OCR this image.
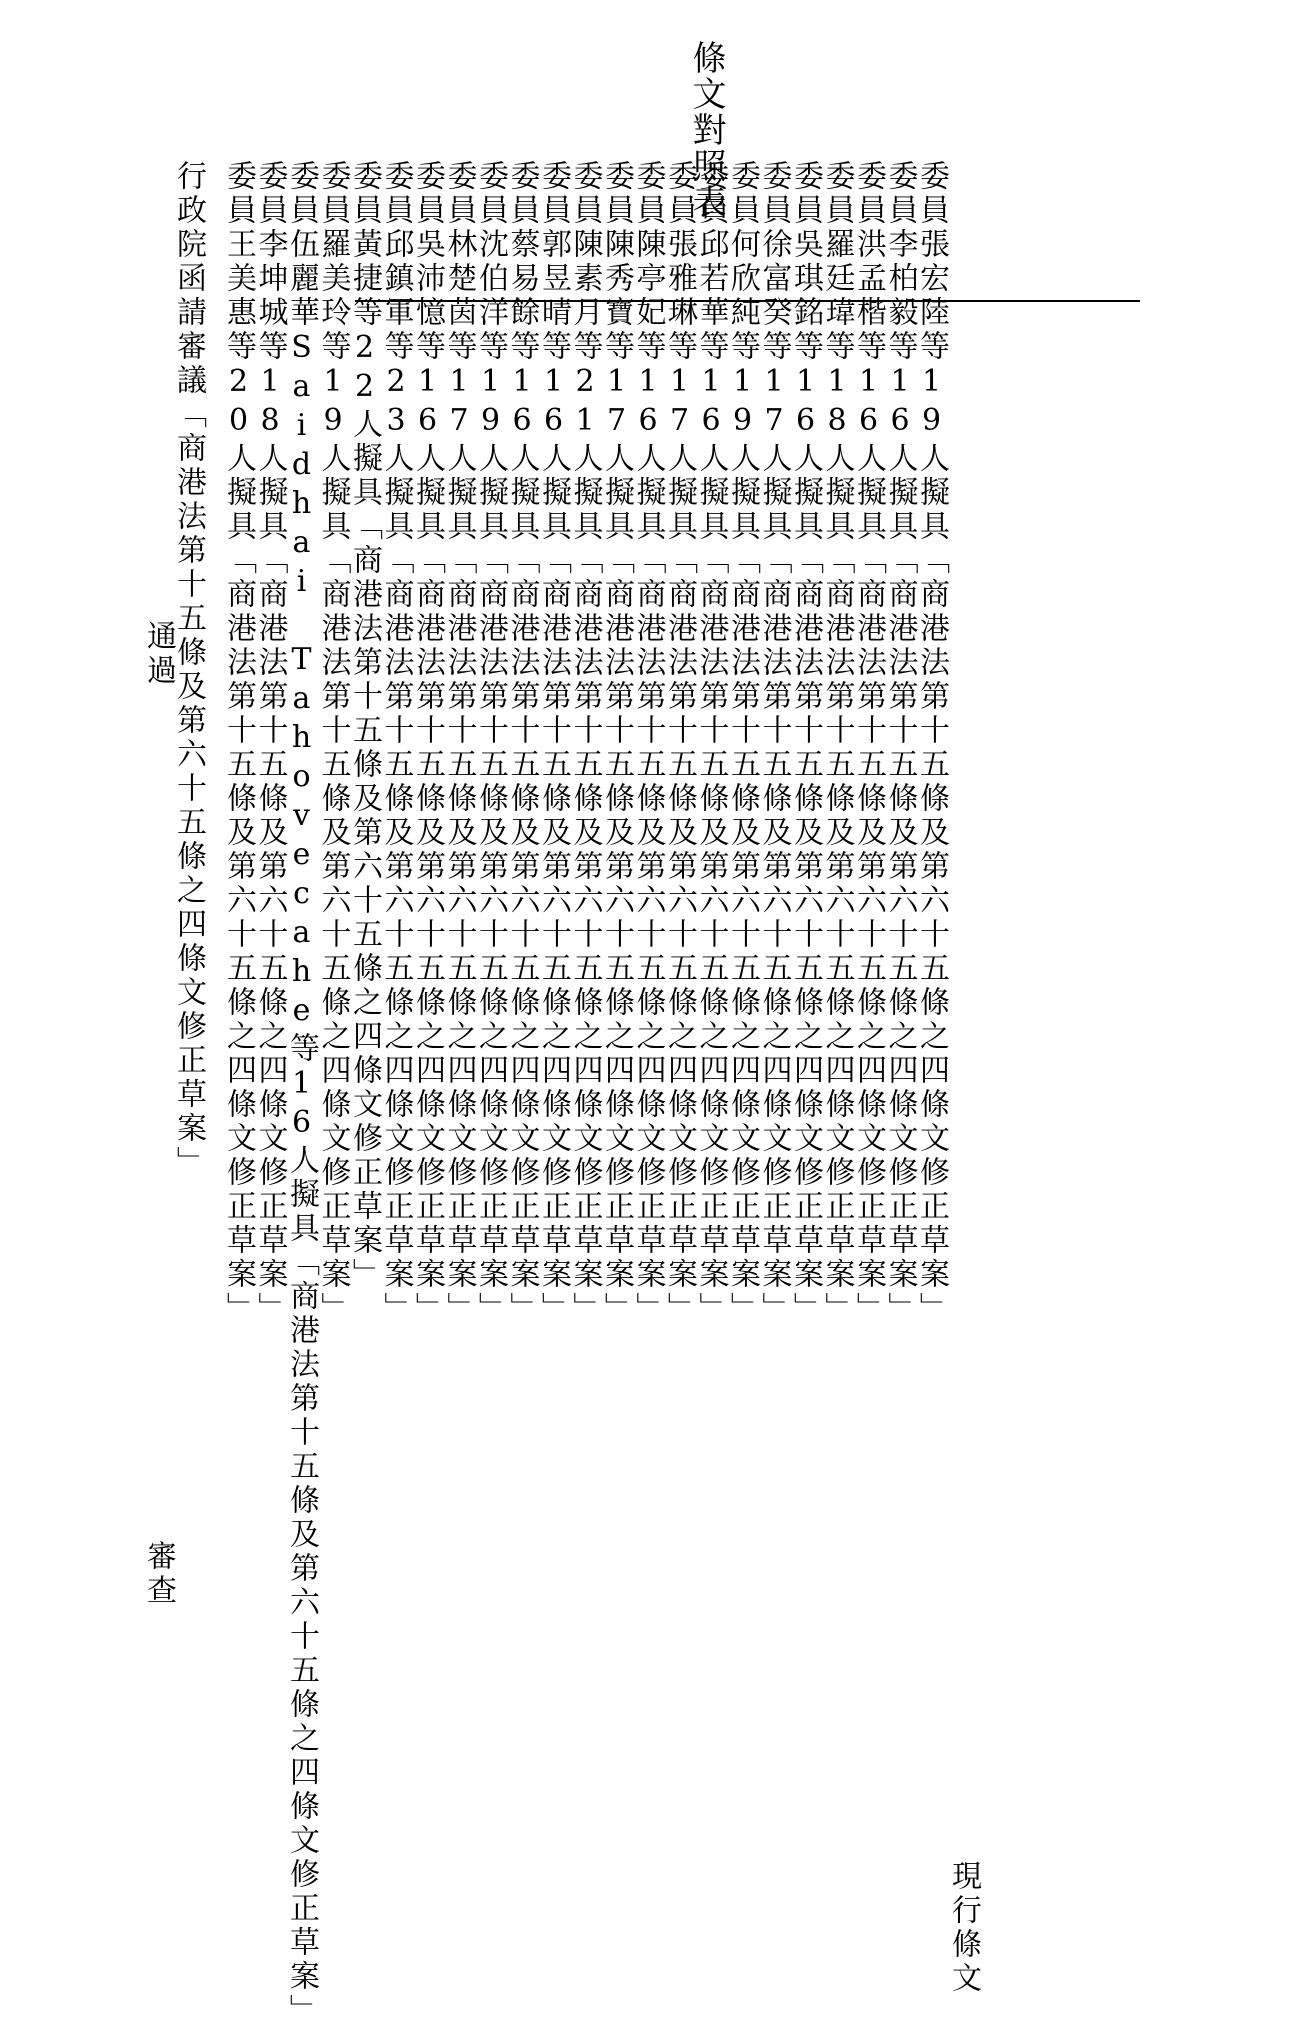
條文對照表
委員王美惠等20人擬具「商港法第十五條及第六十五條之四條文修正草案」
委員李坤城等18人擬具「商港法第十五條及第六十五條之四條文修正草案」
委員伍麗華Saidhai Tahovecahe等16人擬具「商港法第十五條及第六十五條之四條文修正草案」
委員羅美玲等19人擬具「商港法第十五條及第六十五條之四條文修正草案」
委員黃捷等22人擬具「商港法第十五條及第六十五條之四條文修正草案」
委員邱鎮軍等23人擬具「商港法第十五條及第六十五條之四條文修正草案」
委員吳沛憶等16人擬具「商港法第十五條及第六十五條之四條文修正草案」
委員林楚茵等17人擬具「商港法第十五條及第六十五條之四條文修正草案」
委員沈伯洋等19人擬具「商港法第十五條及第六十五條之四條文修正草案」
委員蔡易餘等16人擬具「商港法第十五條及第六十五條之四條文修正草案」
委員郭昱晴等16人擬具「商港法第十五條及第六十五條之四條文修正草案」
委員陳素月等21人擬具「商港法第十五條及第六十五條之四條文修正草案」
委員陳秀寶等17人擬具「商港法第十五條及第六十五條之四條文修正草案」
委員陳亭妃等16人擬具「商港法第十五條及第六十五條之四條文修正草案」
委員張雅琳等17人擬具「商港法第十五條及第六十五條之四條文修正草案」
委員邱若華等16人擬具「商港法第十五條及第六十五條之四條文修正草案」
委員何欣純等19人擬具「商港法第十五條及第六十五條之四條文修正草案」
委員徐富癸等17人擬具「商港法第十五條及第六十五條之四條文修正草案」
委員吳琪銘等16人擬具「商港法第十五條及第六十五條之四條文修正草案」
委員羅廷瑋等18人擬具「商港法第十五條及第六十五條之四條文修正草案」
委員洪孟楷等16人擬具「商港法第十五條及第六十五條之四條文修正草案」
委員李柏毅等16人擬具「商港法第十五條及第六十五條之四條文修正草案」
委員張宏陸等19人擬具「商港法第十五條及第六十五條之四條文修正草案」
審查
行政院函請審議「商港法第十五條及第六十五條之四條文修正草案」
通過
現行條文
